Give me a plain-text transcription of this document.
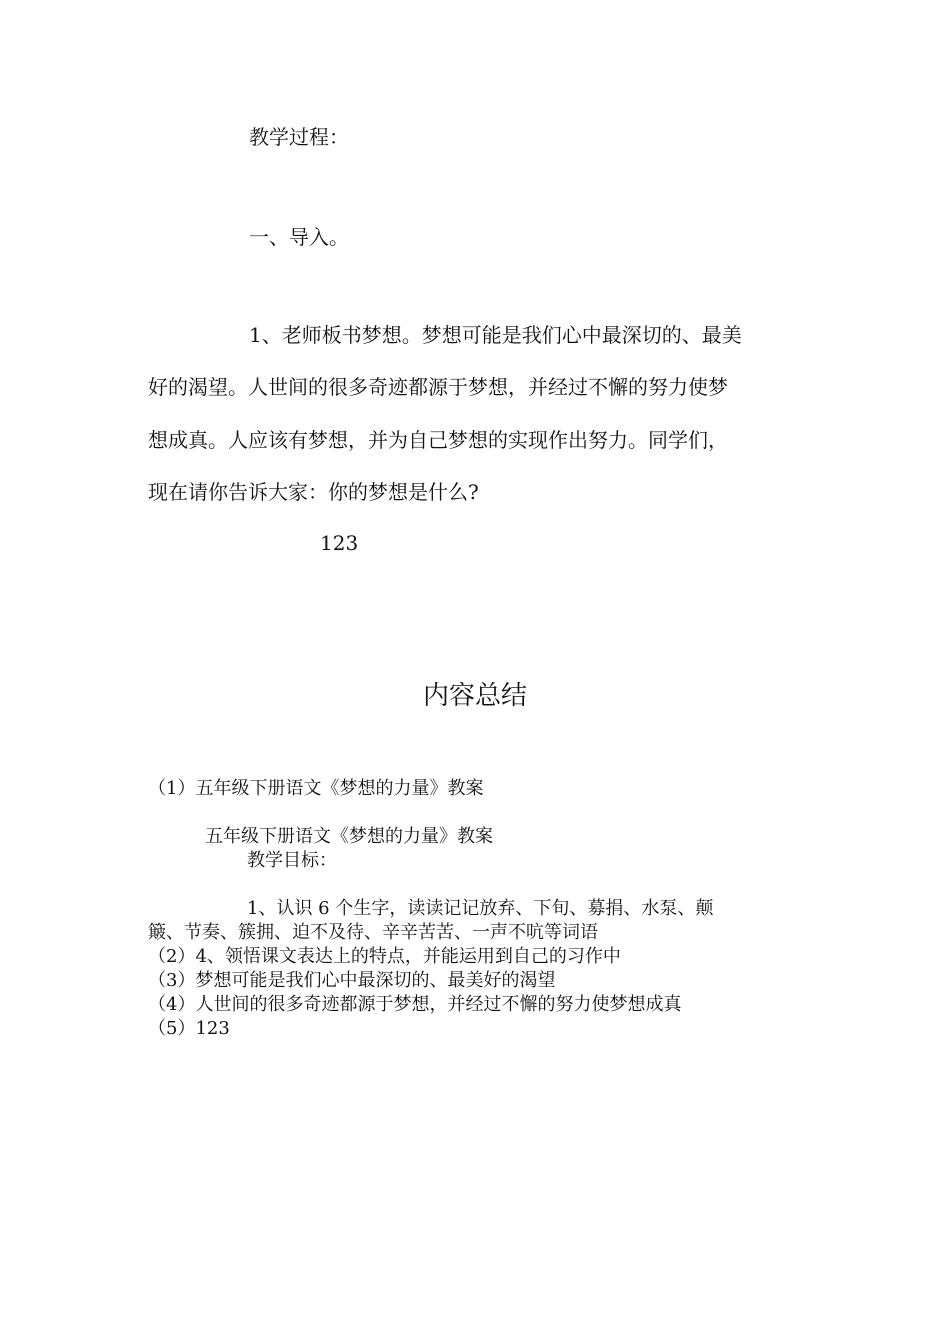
教学过程：
一、导入。
1、老师板书梦想。梦想可能是我们心中最深切的、最美
好的渴望。人世间的很多奇迹都源于梦想，并经过不懈的努力使梦
想成真。人应该有梦想，并为自己梦想的实现作出努力。同学们，
现在请你告诉大家：你的梦想是什么?
123
内容总结
（1）五年级下册语文《梦想的力量》教案
五年级下册语文《梦想的力量》教案
教学目标：
1、认识 6 个生字，读读记记放弃、下旬、募捐、水泵、颠
簸、节奏、簇拥、迫不及待、辛辛苦苦、一声不吭等词语
（2）4、领悟课文表达上的特点，并能运用到自己的习作中
（3）梦想可能是我们心中最深切的、最美好的渴望
（4）人世间的很多奇迹都源于梦想，并经过不懈的努力使梦想成真
（5）123
